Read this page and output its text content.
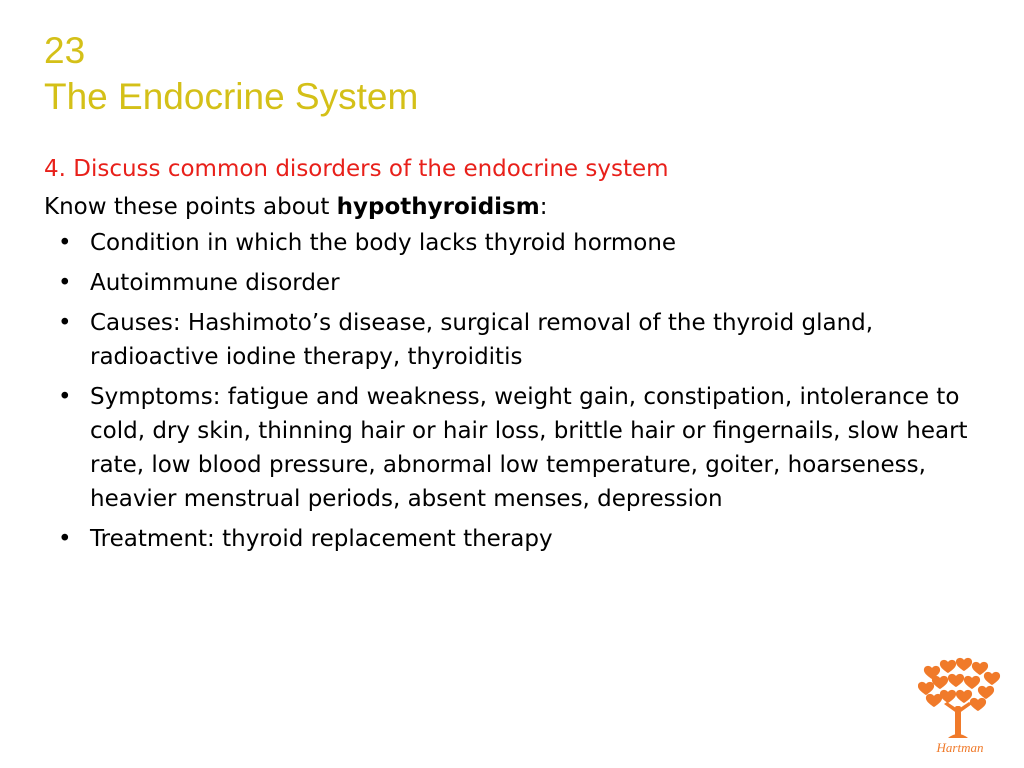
23
The Endocrine System
4. Discuss common disorders of the endocrine system
Know these points about hypothyroidism:
• Condition in which the body lacks thyroid hormone
• Autoimmune disorder
• Causes: Hashimoto’s disease, surgical removal of the thyroid gland, radioactive iodine therapy, thyroiditis
• Symptoms: fatigue and weakness, weight gain, constipation, intolerance to cold, dry skin, thinning hair or hair loss, brittle hair or fingernails, slow heart rate, low blood pressure, abnormal low temperature, goiter, hoarseness, heavier menstrual periods, absent menses, depression
• Treatment: thyroid replacement therapy
Hartman
